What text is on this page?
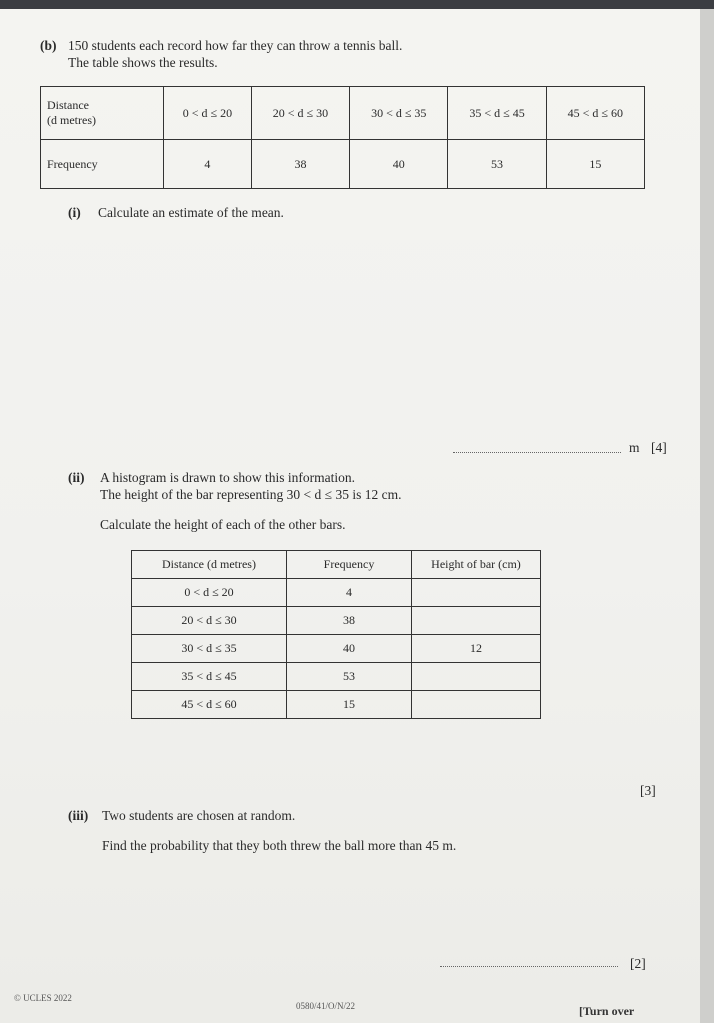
(b) 150 students each record how far they can throw a tennis ball.
The table shows the results.
Distance
(d metres)	0 < d ≤ 20	20 < d ≤ 30	30 < d ≤ 35	35 < d ≤ 45	45 < d ≤ 60
Frequency	4	38	40	53	15
(i) Calculate an estimate of the mean.
m [4]
(ii) A histogram is drawn to show this information.
The height of the bar representing 30 < d ≤ 35 is 12 cm.
Calculate the height of each of the other bars.
Distance (d metres)	Frequency	Height of bar (cm)
0 < d ≤ 20	4	
20 < d ≤ 30	38	
30 < d ≤ 35	40	12
35 < d ≤ 45	53	
45 < d ≤ 60	15	
[3]
(iii) Two students are chosen at random.
Find the probability that they both threw the ball more than 45 m.
[2]
© UCLES 2022
0580/41/O/N/22	[Turn over
